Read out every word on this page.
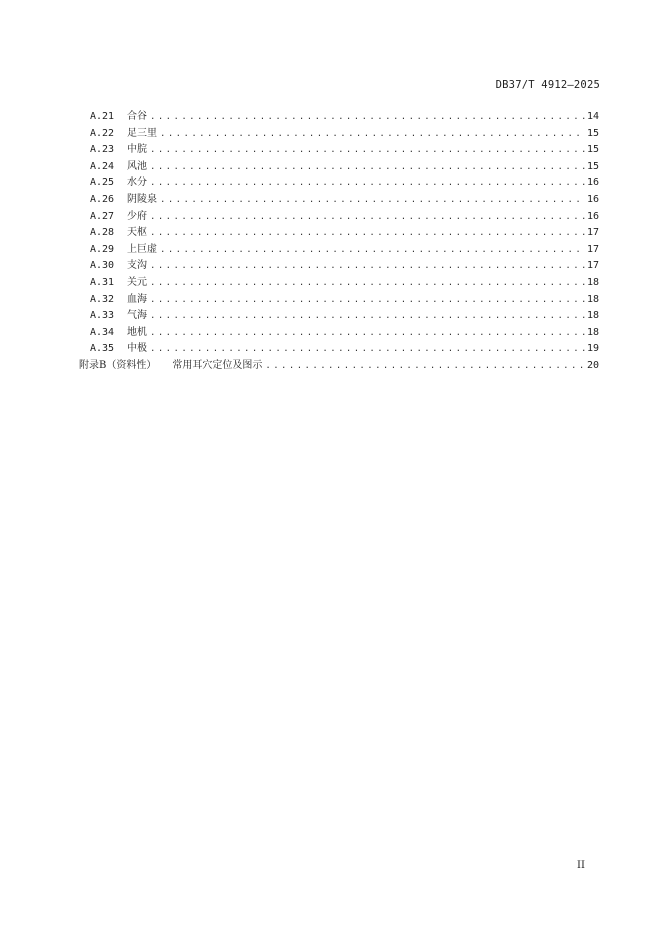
DB37/T 4912—2025
A.21	合谷 . . .	14
A.22	足三里 . . .	15
A.23	中脘 . . .	15
A.24	风池 . . .	15
A.25	水分 . . .	16
A.26	阴陵泉 . . .	16
A.27	少府 . . .	16
A.28	天枢 . . .	17
A.29	上巨虚 . . .	17
A.30	支沟 . . .	17
A.31	关元 . . .	18
A.32	血海 . . .	18
A.33	气海 . . .	18
A.34	地机 . . .	18
A.35	中极 . . .	19
附录B（资料性） 常用耳穴定位及图示 . . .	20
II
